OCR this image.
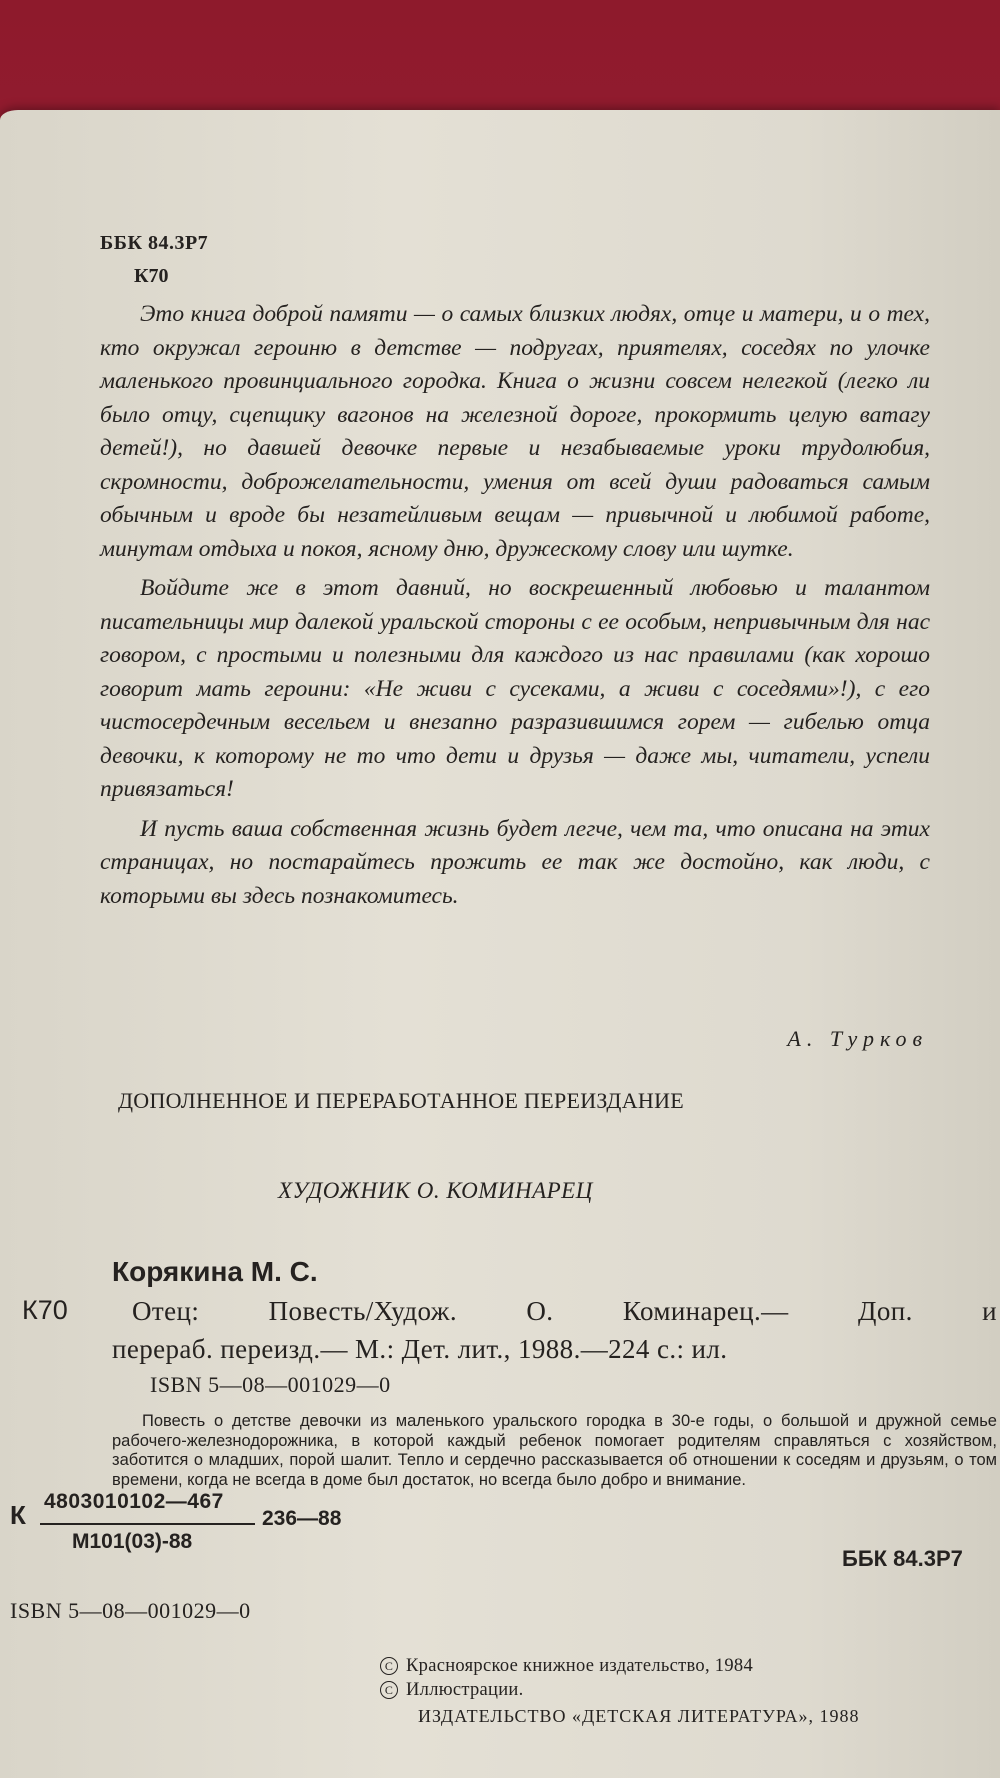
ББК 84.3Р7
К70

Это книга доброй памяти — о самых близких людях, отце и матери, и о тех, кто окружал героиню в детстве — подругах, приятелях, соседях по улочке маленького провинциального городка. Книга о жизни совсем нелегкой (легко ли было отцу, сцепщику вагонов на железной дороге, прокормить целую ватагу детей!), но давшей девочке первые и незабываемые уроки трудолюбия, скромности, доброжелательности, умения от всей души радоваться самым обычным и вроде бы незатейливым вещам — привычной и любимой работе, минутам отдыха и покоя, ясному дню, дружескому слову или шутке.

Войдите же в этот давний, но воскрешенный любовью и талантом писательницы мир далекой уральской стороны с ее особым, непривычным для нас говором, с простыми и полезными для каждого из нас правилами (как хорошо говорит мать героини: «Не живи с сусеками, а живи с соседями»!), с его чистосердечным весельем и внезапно разразившимся горем — гибелью отца девочки, к которому не то что дети и друзья — даже мы, читатели, успели привязаться!

И пусть ваша собственная жизнь будет легче, чем та, что описана на этих страницах, но постарайтесь прожить ее так же достойно, как люди, с которыми вы здесь познакомитесь.

А. Турков
ДОПОЛНЕННОЕ И ПЕРЕРАБОТАННОЕ ПЕРЕИЗДАНИЕ
ХУДОЖНИК О. КОМИНАРЕЦ
Корякина М. С.
К70	Отец: Повесть/Худож. О. Коминарец.— Доп. и
перераб. переизд.— М.: Дет. лит., 1988.—224 с.: ил.
ISBN 5—08—001029—0
Повесть о детстве девочки из маленького уральского городка в 30-е годы, о большой и дружной семье рабочего-железнодорожника, в которой каждый ребенок помогает родителям справляться с хозяйством, заботится о младших, порой шалит. Тепло и сердечно рассказывается об отношении к соседям и друзьям, о том времени, когда не всегда в доме был достаток, но всегда было добро и внимание.
К 4803010102—467
М101(03)-88
236—88
ББК 84.3Р7
ISBN 5—08—001029—0
C Красноярское книжное издательство, 1984
C Иллюстрации.
ИЗДАТЕЛЬСТВО «ДЕТСКАЯ ЛИТЕРАТУРА», 1988
